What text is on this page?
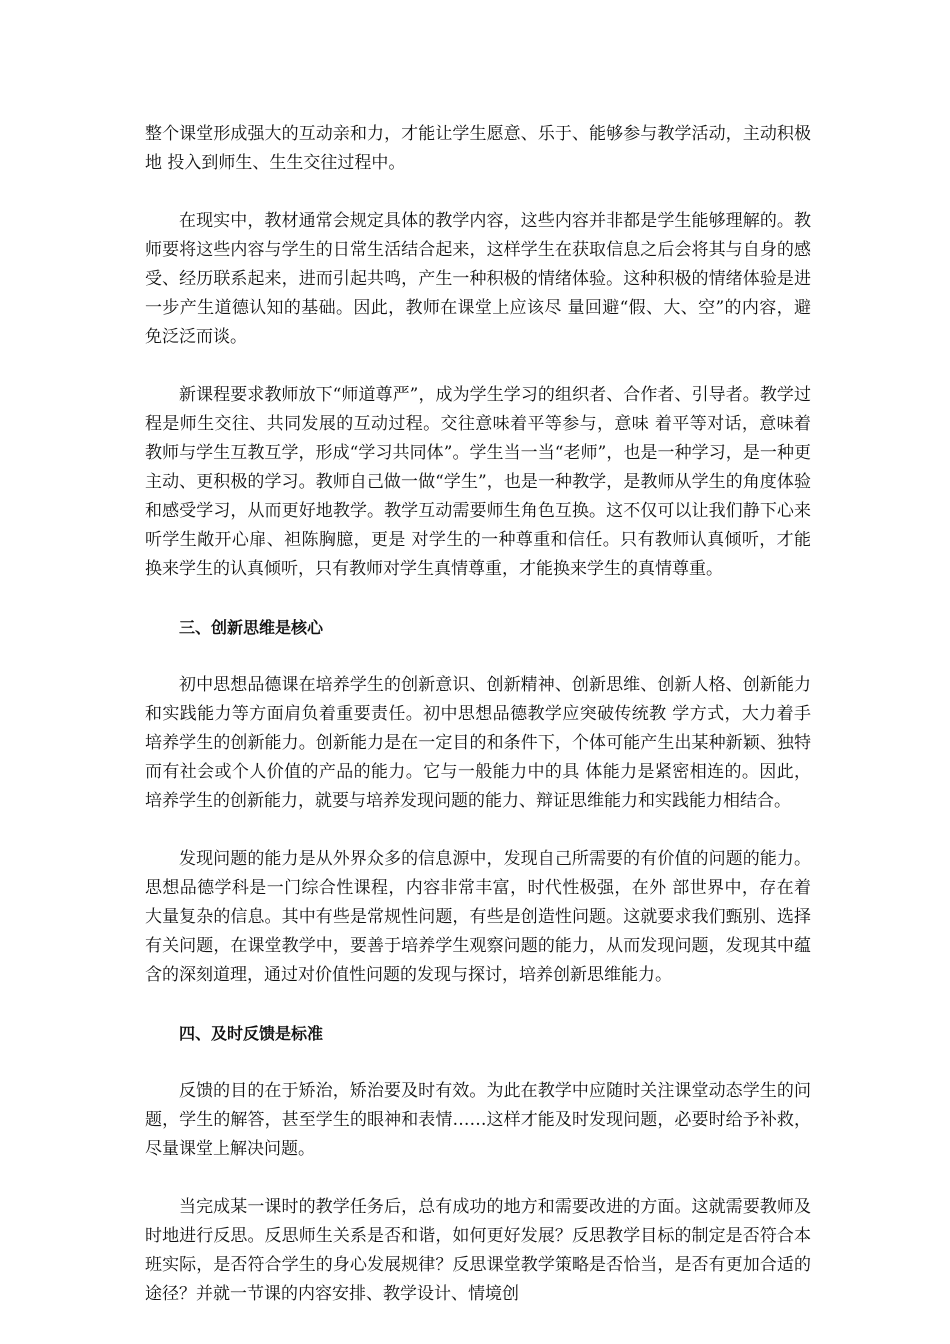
整个课堂形成强大的互动亲和力，才能让学生愿意、乐于、能够参与教学活动，主动积极地 投入到师生、生生交往过程中。

在现实中，教材通常会规定具体的教学内容，这些内容并非都是学生能够理解的。教师要将这些内容与学生的日常生活结合起来，这样学生在获取信息之后会将其与自身的感受、经历联系起来，进而引起共鸣，产生一种积极的情绪体验。这种积极的情绪体验是进一步产生道德认知的基础。因此，教师在课堂上应该尽 量回避“假、大、空”的内容，避免泛泛而谈。

新课程要求教师放下“师道尊严”，成为学生学习的组织者、合作者、引导者。教学过程是师生交往、共同发展的互动过程。交往意味着平等参与，意味 着平等对话，意味着教师与学生互教互学，形成“学习共同体”。学生当一当“老师”，也是一种学习，是一种更主动、更积极的学习。教师自己做一做“学生”，也是一种教学，是教师从学生的角度体验和感受学习，从而更好地教学。教学互动需要师生角色互换。这不仅可以让我们静下心来听学生敞开心扉、袒陈胸臆，更是 对学生的一种尊重和信任。只有教师认真倾听，才能换来学生的认真倾听，只有教师对学生真情尊重，才能换来学生的真情尊重。

三、创新思维是核心

初中思想品德课在培养学生的创新意识、创新精神、创新思维、创新人格、创新能力和实践能力等方面肩负着重要责任。初中思想品德教学应突破传统教 学方式，大力着手培养学生的创新能力。创新能力是在一定目的和条件下，个体可能产生出某种新颖、独特而有社会或个人价值的产品的能力。它与一般能力中的具 体能力是紧密相连的。因此，培养学生的创新能力，就要与培养发现问题的能力、辩证思维能力和实践能力相结合。

发现问题的能力是从外界众多的信息源中，发现自己所需要的有价值的问题的能力。思想品德学科是一门综合性课程，内容非常丰富，时代性极强，在外 部世界中，存在着大量复杂的信息。其中有些是常规性问题，有些是创造性问题。这就要求我们甄别、选择有关问题，在课堂教学中，要善于培养学生观察问题的能力，从而发现问题，发现其中蕴含的深刻道理，通过对价值性问题的发现与探讨，培养创新思维能力。

四、及时反馈是标准

反馈的目的在于矫治，矫治要及时有效。为此在教学中应随时关注课堂动态学生的问题，学生的解答，甚至学生的眼神和表情……这样才能及时发现问题，必要时给予补救，尽量课堂上解决问题。

当完成某一课时的教学任务后，总有成功的地方和需要改进的方面。这就需要教师及时地进行反思。反思师生关系是否和谐，如何更好发展？反思教学目标的制定是否符合本班实际，是否符合学生的身心发展规律？反思课堂教学策略是否恰当，是否有更加合适的途径？并就一节课的内容安排、教学设计、情境创
